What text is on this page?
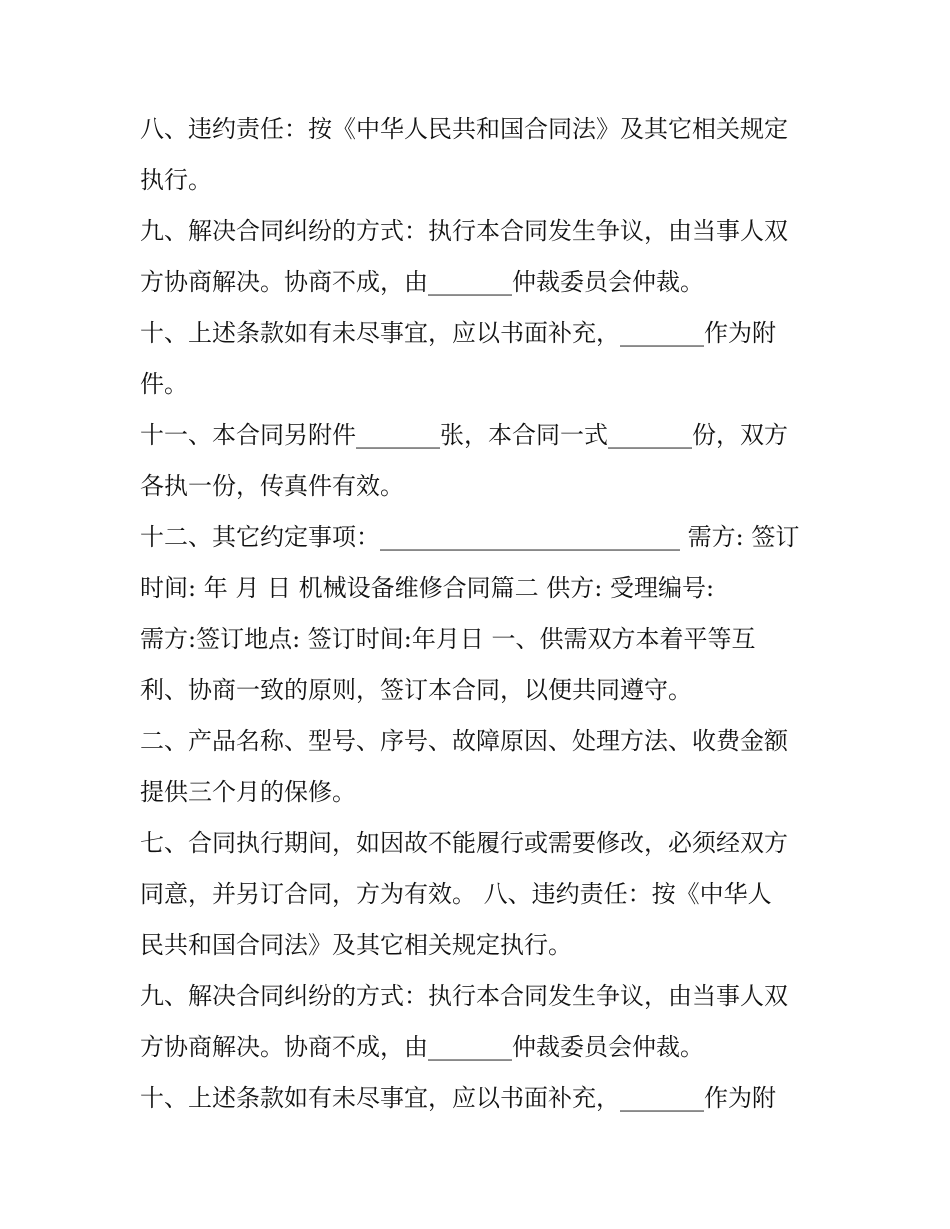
八、违约责任：按《中华人民共和国合同法》及其它相关规定

执行。

九、解决合同纠纷的方式：执行本合同发生争议，由当事人双

方协商解决。协商不成，由_______仲裁委员会仲裁。

十、上述条款如有未尽事宜，应以书面补充，_______作为附

件。

十一、本合同另附件_______张，本合同一式_______份，双方

各执一份，传真件有效。

十二、其它约定事项：_________________________ 需方: 签订

时间: 年 月 日 机械设备维修合同篇二 供方: 受理编号:

需方:签订地点: 签订时间:年月日 一、供需双方本着平等互

利、协商一致的原则，签订本合同，以便共同遵守。

二、产品名称、型号、序号、故障原因、处理方法、收费金额

提供三个月的保修。

七、合同执行期间，如因故不能履行或需要修改，必须经双方

同意，并另订合同，方为有效。 八、违约责任：按《中华人

民共和国合同法》及其它相关规定执行。

九、解决合同纠纷的方式：执行本合同发生争议，由当事人双

方协商解决。协商不成，由_______仲裁委员会仲裁。

十、上述条款如有未尽事宜，应以书面补充，_______作为附
